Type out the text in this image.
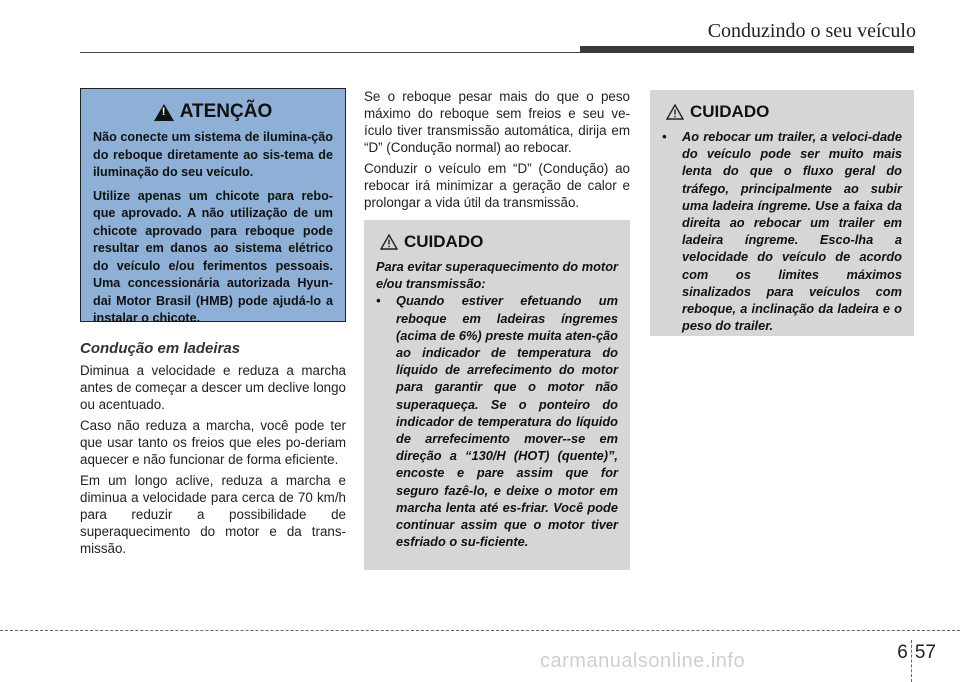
Conduzindo o seu veículo
!
ATENÇÃO

Não conecte um sistema de ilumina-ção do reboque diretamente ao sis-tema de iluminação do seu veículo.

Utilize apenas um chicote para rebo-que aprovado. A não utilização de um chicote aprovado para reboque pode resultar em danos ao sistema elétrico do veículo e/ou ferimentos pessoais. Uma concessionária autorizada Hyun-dai Motor Brasil (HMB) pode ajudá-lo a instalar o chicote.

Condução em ladeiras

Diminua a velocidade e reduza a marcha antes de começar a descer um declive longo ou acentuado.

Caso não reduza a marcha, você pode ter que usar tanto os freios que eles po-deriam aquecer e não funcionar de forma eficiente.

Em um longo aclive, reduza a marcha e diminua a velocidade para cerca de 70 km/h para reduzir a possibilidade de superaquecimento do motor e da trans-missão.

Se o reboque pesar mais do que o peso máximo do reboque sem freios e seu ve-ículo tiver transmissão automática, dirija em “D” (Condução normal) ao rebocar.

Conduzir o veículo em “D” (Condução) ao rebocar irá minimizar a geração de calor e prolongar a vida útil da transmissão.

CUIDADO

Para evitar superaquecimento do motor e/ou transmissão:

• Quando estiver efetuando um reboque em ladeiras íngremes (acima de 6%) preste muita aten-ção ao indicador de temperatura do líquido de arrefecimento do motor para garantir que o motor não superaqueça. Se o ponteiro do indicador de temperatura do líquido de arrefecimento mover--se em direção a “130/H (HOT) (quente)”, encoste e pare assim que for seguro fazê-lo, e deixe o motor em marcha lenta até es-friar. Você pode continuar assim que o motor tiver esfriado o su-ficiente.

CUIDADO

• Ao rebocar um trailer, a veloci-dade do veículo pode ser muito mais lenta do que o fluxo geral do tráfego, principalmente ao subir uma ladeira íngreme. Use a faixa da direita ao rebocar um trailer em ladeira íngreme. Esco-lha a velocidade do veículo de acordo com os limites máximos sinalizados para veículos com reboque, a inclinação da ladeira e o peso do trailer.

6 57
carmanualsonline.info
